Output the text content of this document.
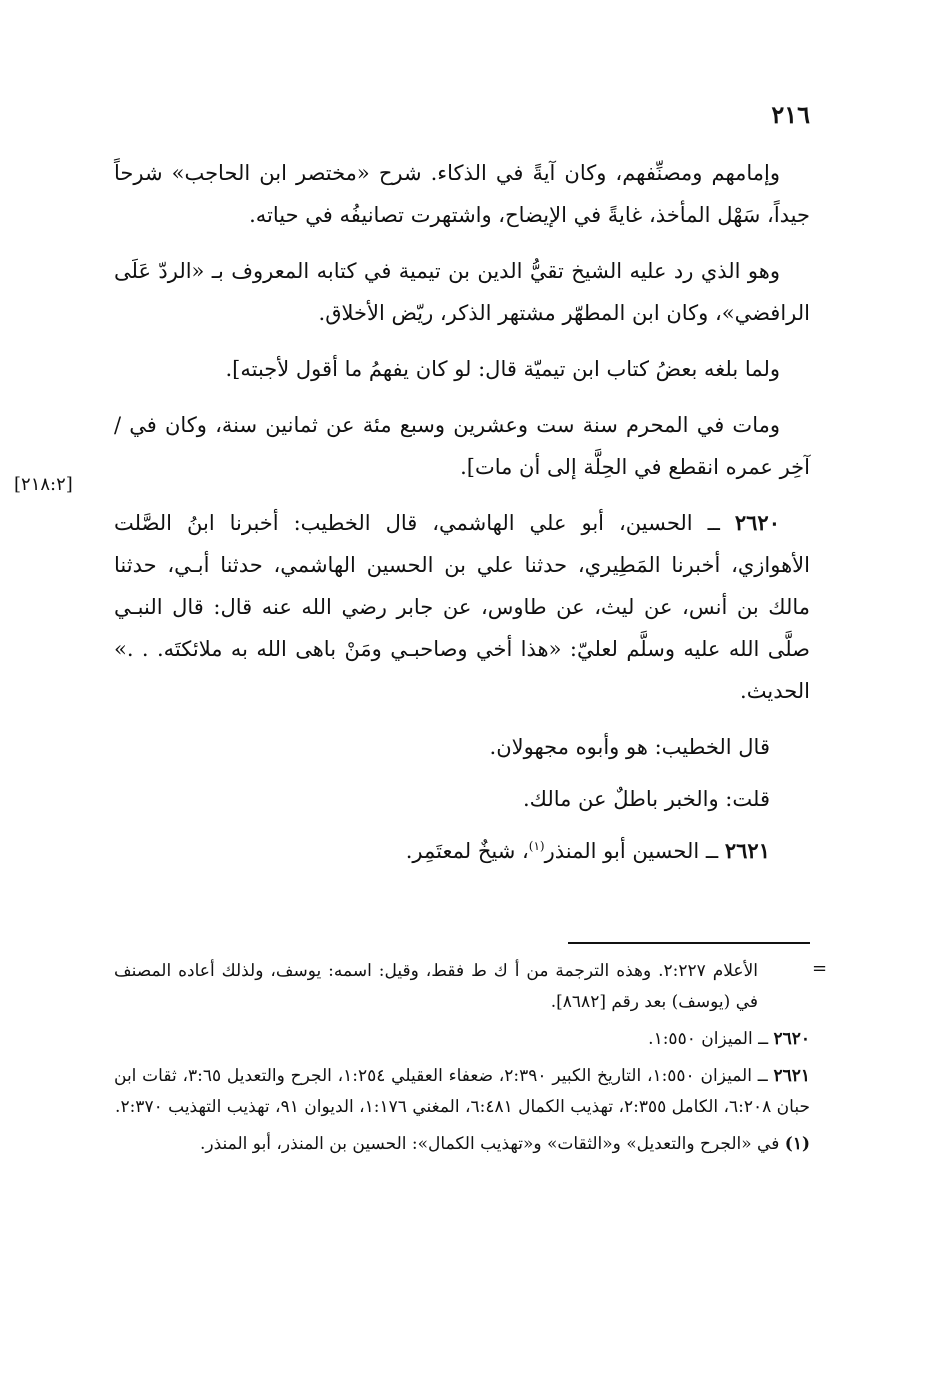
٢١٦

وإمامهم ومصنِّفهم، وكان آيةً في الذكاء. شرح «مختصر ابن الحاجب» شرحاً جيداً، سَهْل المأخذ، غايةً في الإيضاح، واشتهرت تصانيفُه في حياته.

وهو الذي رد عليه الشيخ تقيُّ الدين بن تيمية في كتابه المعروف بـ «الردّ عَلَى الرافضي»، وكان ابن المطهّر مشتهر الذكر، ريّض الأخلاق.

ولما بلغه بعضُ كتاب ابن تيميّة قال: لو كان يفهمُ ما أقول لأجبته].

ومات في المحرم سنة ست وعشرين وسبع مئة عن ثمانين سنة، وكان في / آخِر عمره انقطع في الحِلَّة إلى أن مات].

٢٦٢٠ ــ الحسين، أبو علي الهاشمي، قال الخطيب: أخبرنا ابنُ الصَّلت الأهوازي، أخبرنا المَطِيري، حدثنا علي بن الحسين الهاشمي، حدثنا أبـي، حدثنا مالك بن أنس، عن ليث، عن طاوس، عن جابر رضي الله عنه قال: قال النبـي صلَّى الله عليه وسلَّم لعليّ: «هذا أخي وصاحبـي ومَنْ باهى الله به ملائكتَه. . .» الحديث.

قال الخطيب: هو وأبوه مجهولان.

قلت: والخبر باطلٌ عن مالك.

٢٦٢١ ــ الحسين أبو المنذر$^{(١)}$، شيخٌ لمعتَمِر.

[٢١٨:٢]
=
الأعلام ٢:٢٢٧. وهذه الترجمة من أ ك ط فقط، وقيل: اسمه: يوسف، ولذلك أعاده المصنف في (يوسف) بعد رقم [٨٦٨٢].
٢٦٢٠ ــ الميزان ١:٥٥٠.
٢٦٢١ ــ الميزان ١:٥٥٠، التاريخ الكبير ٢:٣٩٠، ضعفاء العقيلي ١:٢٥٤، الجرح والتعديل ٣:٦٥، ثقات ابن حبان ٦:٢٠٨، الكامل ٢:٣٥٥، تهذيب الكمال ٦:٤٨١، المغني ١:١٧٦، الديوان ٩١، تهذيب التهذيب ٢:٣٧٠.
(١) في «الجرح والتعديل» و«الثقات» و«تهذيب الكمال»: الحسين بن المنذر، أبو المنذر.
